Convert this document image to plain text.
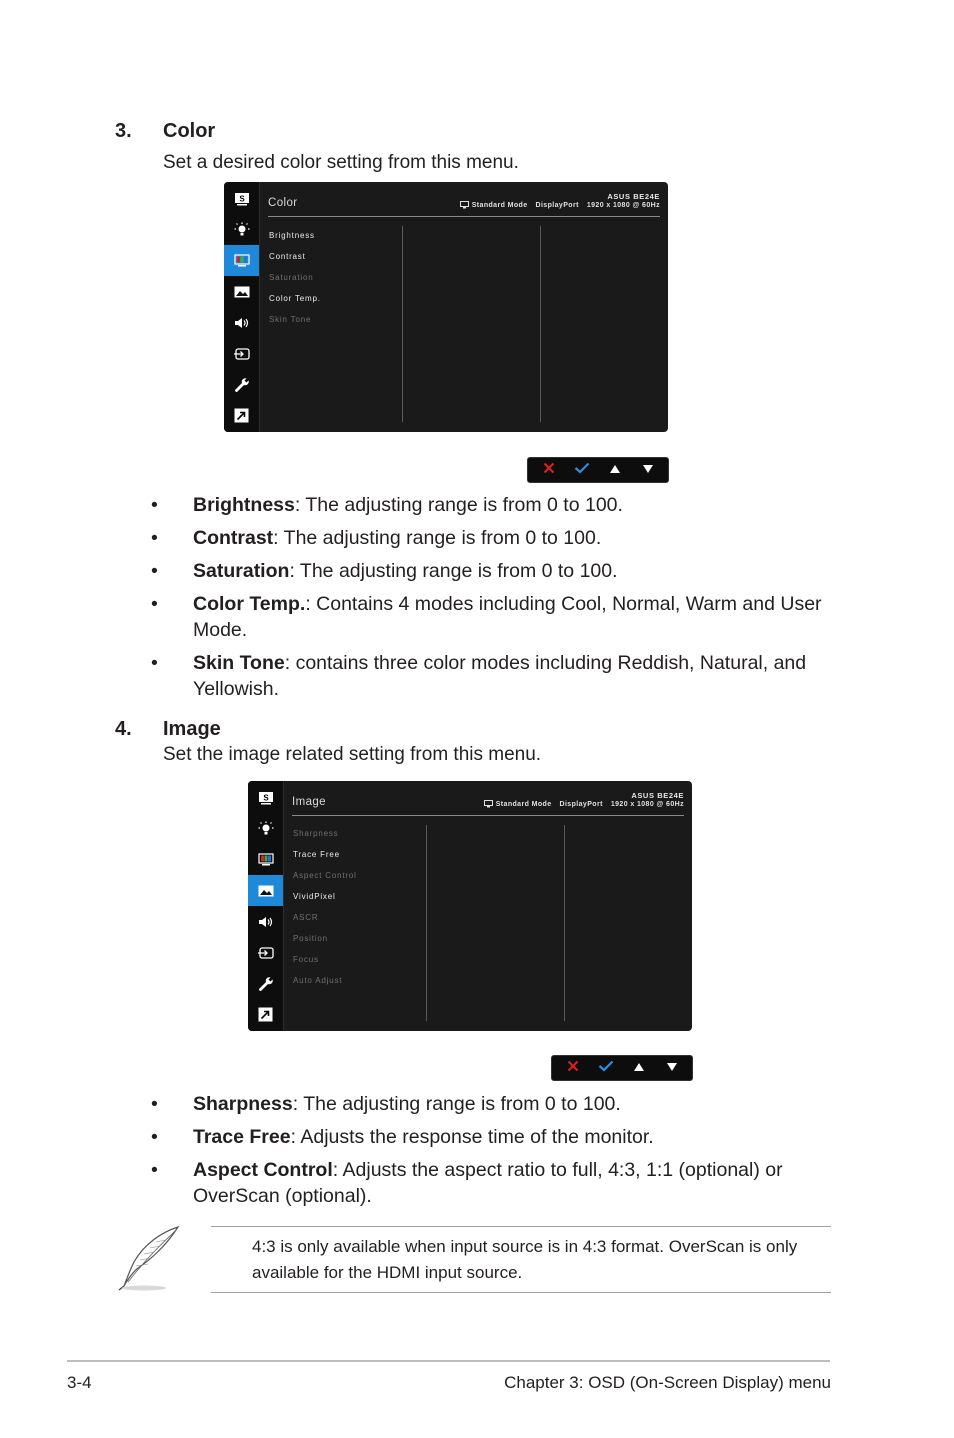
3. Color
Set a desired color setting from this menu.
S Color
ASUS BE24E
Standard Mode DisplayPort 1920 x 1080 @ 60Hz
Brightness
Contrast
Saturation
Color Temp.
Skin Tone
• Brightness: The adjusting range is from 0 to 100.
• Contrast: The adjusting range is from 0 to 100.
• Saturation: The adjusting range is from 0 to 100.
• Color Temp.: Contains 4 modes including Cool, Normal, Warm and User Mode.
• Skin Tone: contains three color modes including Reddish, Natural, and Yellowish.
4. Image
Set the image related setting from this menu.
S Image
ASUS BE24E
Standard Mode DisplayPort 1920 x 1080 @ 60Hz
Sharpness
Trace Free
Aspect Control
VividPixel
ASCR
Position
Focus
Auto Adjust
• Sharpness: The adjusting range is from 0 to 100.
• Trace Free: Adjusts the response time of the monitor.
• Aspect Control: Adjusts the aspect ratio to full, 4:3, 1:1 (optional) or OverScan (optional).
4:3 is only available when input source is in 4:3 format. OverScan is only available for the HDMI input source.
3-4	Chapter 3: OSD (On-Screen Display) menu
